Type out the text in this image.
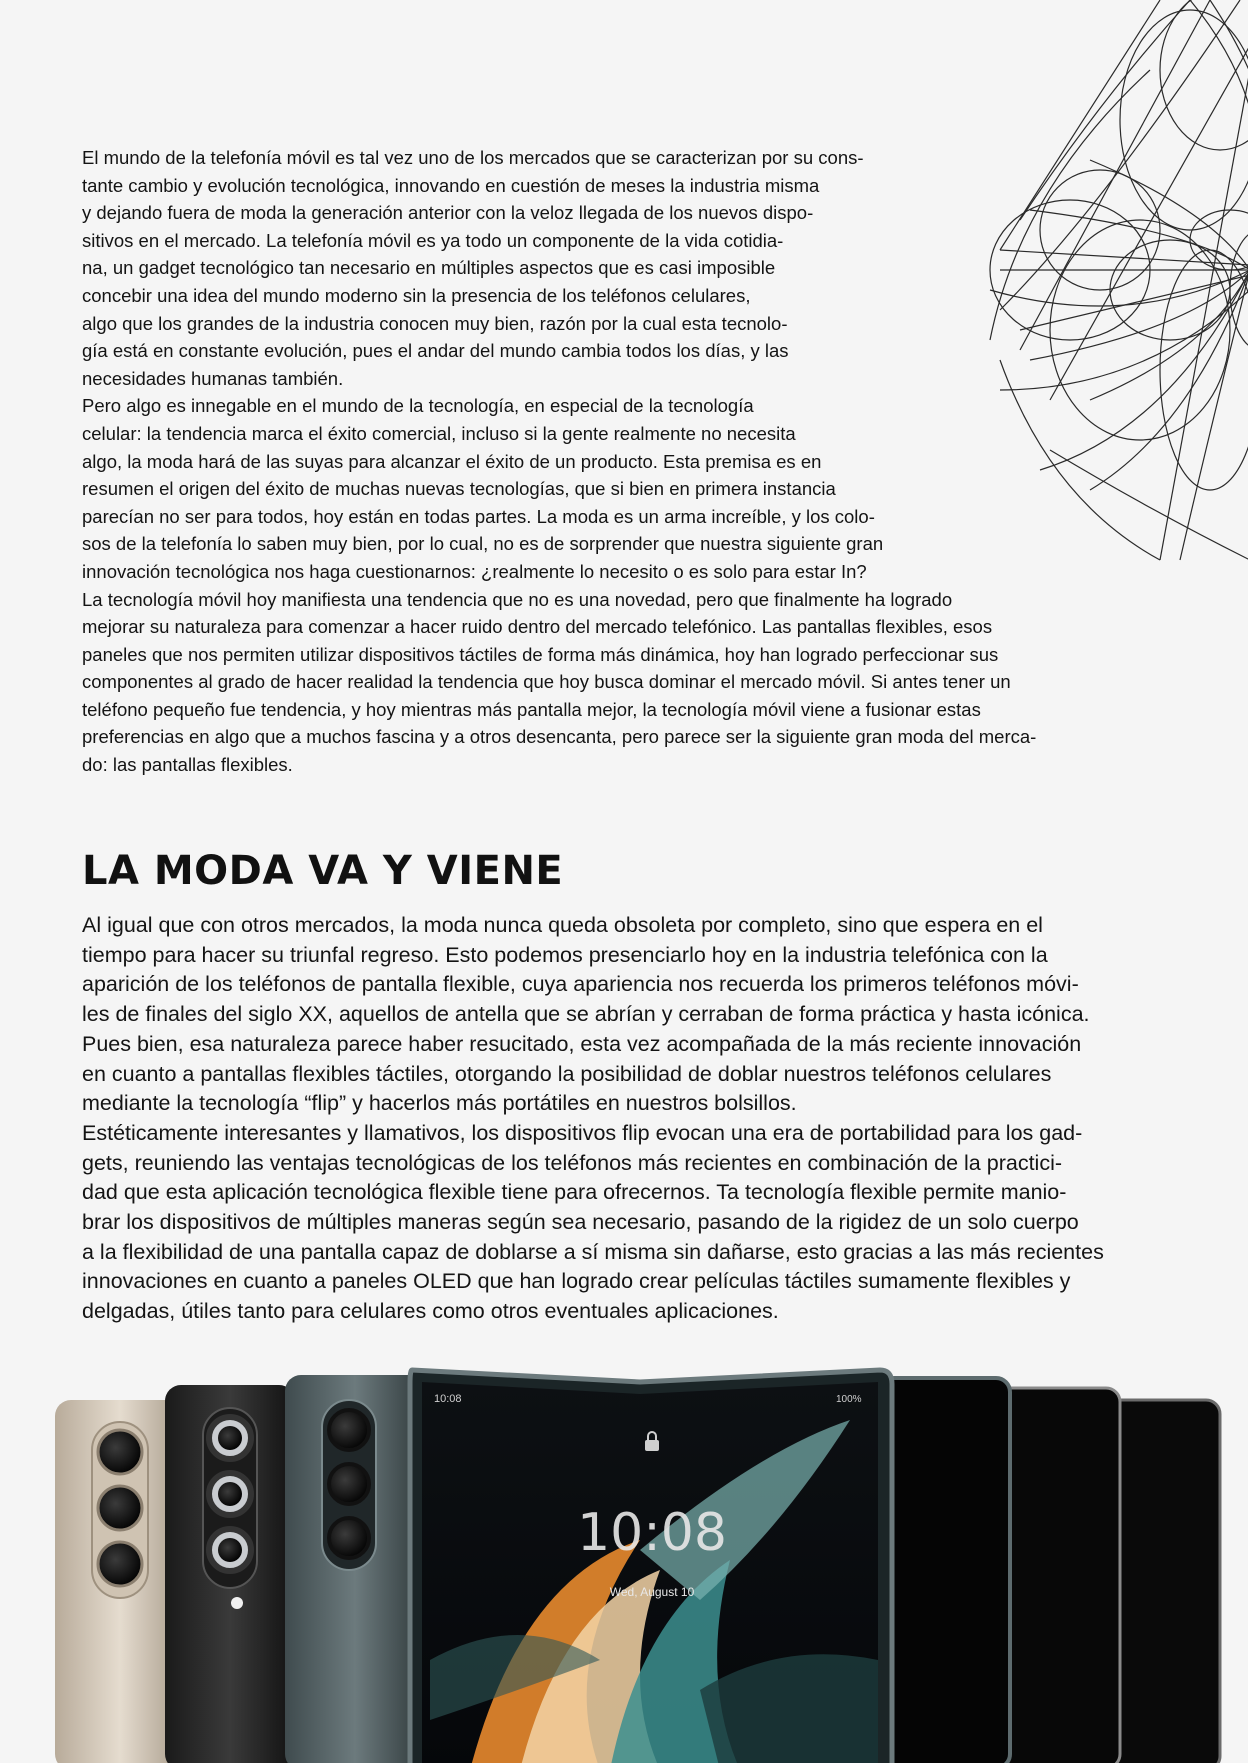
El mundo de la telefonía móvil es tal vez uno de los mercados que se caracterizan por su cons-
tante cambio y evolución tecnológica, innovando en cuestión de meses la industria misma
y dejando fuera de moda la generación anterior con la veloz llegada de los nuevos dispo-
sitivos en el mercado. La telefonía móvil es ya todo un componente de la vida cotidia-
na, un gadget tecnológico tan necesario en múltiples aspectos que es casi imposible
concebir una idea del mundo moderno sin la presencia de los teléfonos celulares,
algo que los grandes de la industria conocen muy bien, razón por la cual esta tecnolo-
gía está en constante evolución, pues el andar del mundo cambia todos los días, y las
necesidades humanas también.

Pero algo es innegable en el mundo de la tecnología, en especial de la tecnología
celular: la tendencia marca el éxito comercial, incluso si la gente realmente no necesita
algo, la moda hará de las suyas para alcanzar el éxito de un producto. Esta premisa es en
resumen el origen del éxito de muchas nuevas tecnologías, que si bien en primera instancia
parecían no ser para todos, hoy están en todas partes. La moda es un arma increíble, y los colo-
sos de la telefonía lo saben muy bien, por lo cual, no es de sorprender que nuestra siguiente gran
innovación tecnológica nos haga cuestionarnos: ¿realmente lo necesito o es solo para estar In?

La tecnología móvil hoy manifiesta una tendencia que no es una novedad, pero que finalmente ha logrado
mejorar su naturaleza para comenzar a hacer ruido dentro del mercado telefónico. Las pantallas flexibles, esos
paneles que nos permiten utilizar dispositivos táctiles de forma más dinámica, hoy han logrado perfeccionar sus
componentes al grado de hacer realidad la tendencia que hoy busca dominar el mercado móvil. Si antes tener un
teléfono pequeño fue tendencia, y hoy mientras más pantalla mejor, la tecnología móvil viene a fusionar estas
preferencias en algo que a muchos fascina y a otros desencanta, pero parece ser la siguiente gran moda del merca-
do: las pantallas flexibles.

LA MODA VA Y VIENE

Al igual que con otros mercados, la moda nunca queda obsoleta por completo, sino que espera en el
tiempo para hacer su triunfal regreso. Esto podemos presenciarlo hoy en la industria telefónica con la
aparición de los teléfonos de pantalla flexible, cuya apariencia nos recuerda los primeros teléfonos móvi-
les de finales del siglo XX, aquellos de antella que se abrían y cerraban de forma práctica y hasta icónica.
Pues bien, esa naturaleza parece haber resucitado, esta vez acompañada de la más reciente innovación
en cuanto a pantallas flexibles táctiles, otorgando la posibilidad de doblar nuestros teléfonos celulares
mediante la tecnología “flip” y hacerlos más portátiles en nuestros bolsillos.

Estéticamente interesantes y llamativos, los dispositivos flip evocan una era de portabilidad para los gad-
gets, reuniendo las ventajas tecnológicas de los teléfonos más recientes en combinación de la practici-
dad que esta aplicación tecnológica flexible tiene para ofrecernos. Ta tecnología flexible permite manio-
brar los dispositivos de múltiples maneras según sea necesario, pasando de la rigidez de un solo cuerpo
a la flexibilidad de una pantalla capaz de doblarse a sí misma sin dañarse, esto gracias a las más recientes
innovaciones en cuanto a paneles OLED que han logrado crear películas táctiles sumamente flexibles y
delgadas, útiles tanto para celulares como otros eventuales aplicaciones.

10:08	100%
10:08
Wed, August 10
